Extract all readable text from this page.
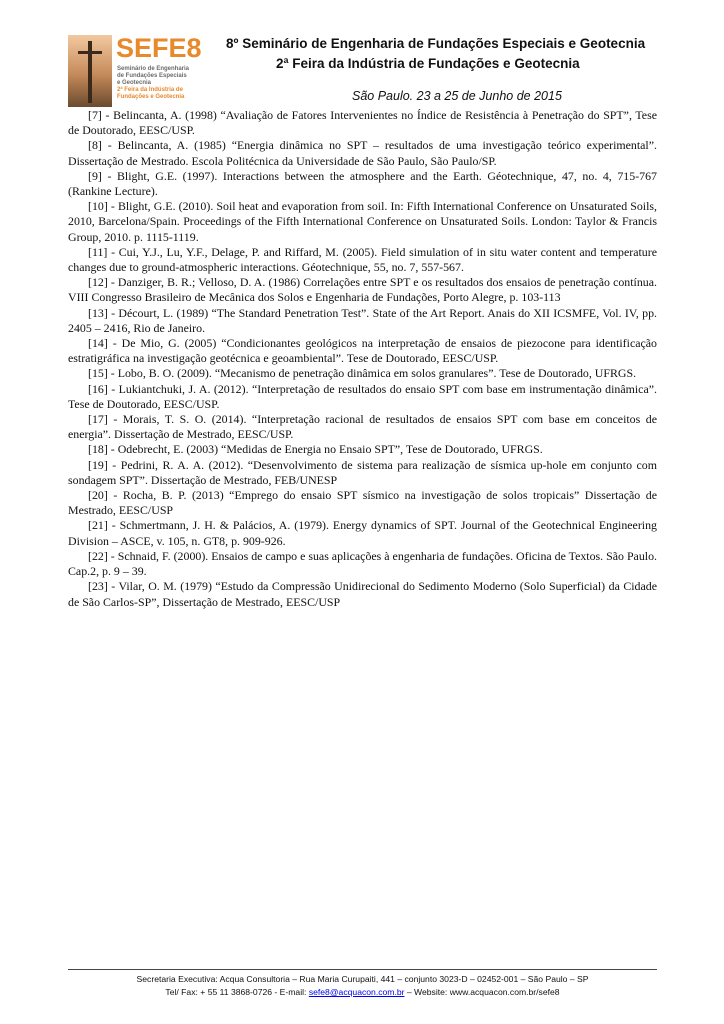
SEFE8
Seminário de Engenharia
de Fundações Especiais
e Geotecnia
2ª Feira da Indústria de
Fundações e Geotecnia
8º Seminário de Engenharia de Fundações Especiais e Geotecnia
2ª Feira da Indústria de Fundações e Geotecnia
São Paulo. 23 a 25 de Junho de 2015

[7] - Belincanta, A. (1998) “Avaliação de Fatores Intervenientes no Índice de Resistência à Penetração do SPT”, Tese de Doutorado, EESC/USP.

[8] - Belincanta, A. (1985) “Energia dinâmica no SPT – resultados de uma investigação teórico experimental”. Dissertação de Mestrado. Escola Politécnica da Universidade de São Paulo, São Paulo/SP.

[9] - Blight, G.E. (1997). Interactions between the atmosphere and the Earth. Géotechnique, 47, no. 4, 715-767 (Rankine Lecture).

[10] - Blight, G.E. (2010). Soil heat and evaporation from soil. In: Fifth International Conference on Unsaturated Soils, 2010, Barcelona/Spain. Proceedings of the Fifth International Conference on Unsaturated Soils. London: Taylor & Francis Group, 2010. p. 1115-1119.

[11] - Cui, Y.J., Lu, Y.F., Delage, P. and Riffard, M. (2005). Field simulation of in situ water content and temperature changes due to ground-atmospheric interactions. Géotechnique, 55, no. 7, 557-567.

[12] - Danziger, B. R.; Velloso, D. A. (1986) Correlações entre SPT e os resultados dos ensaios de penetração contínua. VIII Congresso Brasileiro de Mecânica dos Solos e Engenharia de Fundações, Porto Alegre, p. 103-113

[13] - Décourt, L. (1989) “The Standard Penetration Test”. State of the Art Report. Anais do XII ICSMFE, Vol. IV, pp. 2405 – 2416, Rio de Janeiro.

[14] - De Mio, G. (2005) “Condicionantes geológicos na interpretação de ensaios de piezocone para identificação estratigráfica na investigação geotécnica e geoambiental”. Tese de Doutorado, EESC/USP.

[15] - Lobo, B. O. (2009). “Mecanismo de penetração dinâmica em solos granulares”. Tese de Doutorado, UFRGS.

[16] - Lukiantchuki, J. A. (2012). “Interpretação de resultados do ensaio SPT com base em instrumentação dinâmica”. Tese de Doutorado, EESC/USP.

[17] - Morais, T. S. O. (2014). “Interpretação racional de resultados de ensaios SPT com base em conceitos de energia”. Dissertação de Mestrado, EESC/USP.

[18] - Odebrecht, E. (2003) “Medidas de Energia no Ensaio SPT”, Tese de Doutorado, UFRGS.

[19] - Pedrini, R. A. A. (2012). “Desenvolvimento de sistema para realização de sísmica up-hole em conjunto com sondagem SPT”. Dissertação de Mestrado, FEB/UNESP

[20] - Rocha, B. P. (2013) “Emprego do ensaio SPT sísmico na investigação de solos tropicais” Dissertação de Mestrado, EESC/USP

[21] - Schmertmann, J. H. & Palácios, A. (1979). Energy dynamics of SPT. Journal of the Geotechnical Engineering Division – ASCE, v. 105, n. GT8, p. 909-926.

[22] - Schnaid, F. (2000). Ensaios de campo e suas aplicações à engenharia de fundações. Oficina de Textos. São Paulo. Cap.2, p. 9 – 39.

[23] - Vilar, O. M. (1979) “Estudo da Compressão Unidirecional do Sedimento Moderno (Solo Superficial) da Cidade de São Carlos-SP”, Dissertação de Mestrado, EESC/USP

Secretaria Executiva: Acqua Consultoria – Rua Maria Curupaiti, 441 – conjunto 3023-D – 02452-001 – São Paulo – SP
Tel/ Fax: + 55 11 3868-0726 - E-mail: sefe8@acquacon.com.br – Website: www.acquacon.com.br/sefe8
